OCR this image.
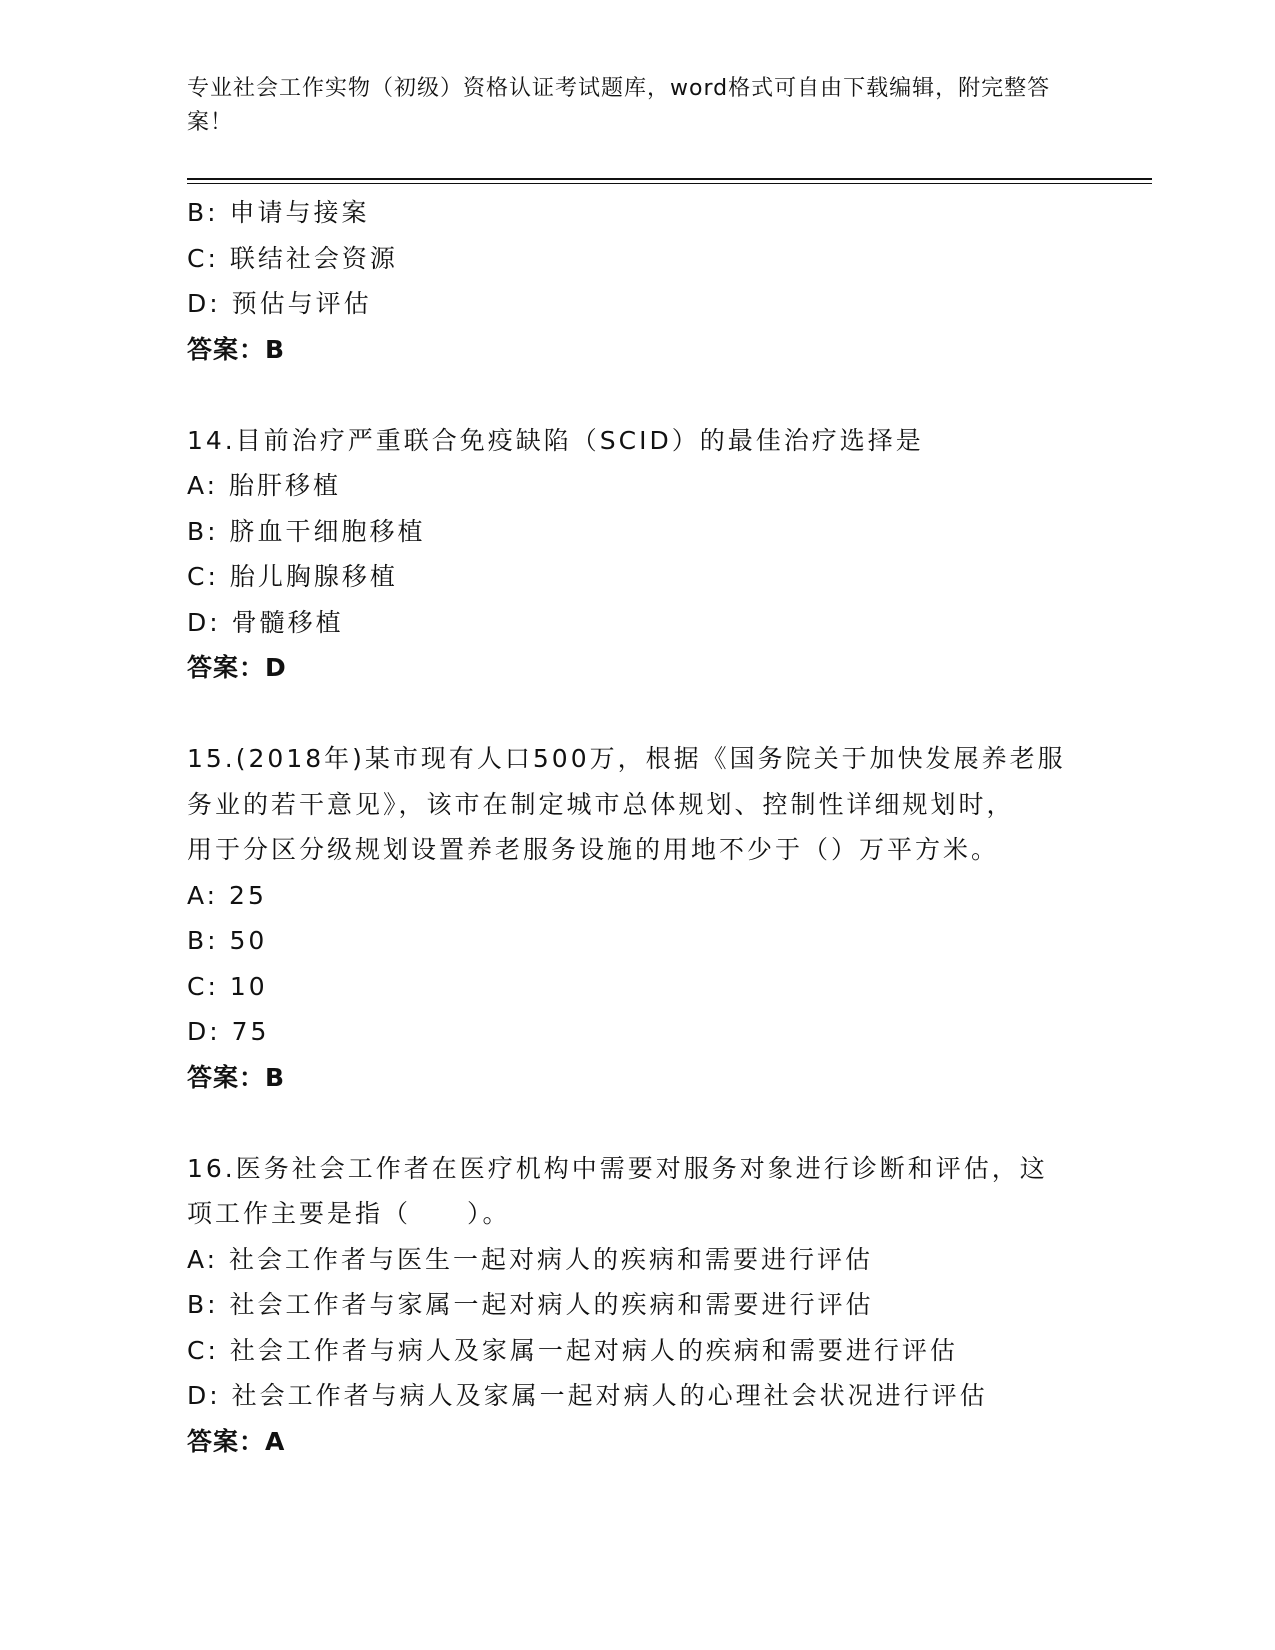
专业社会工作实物（初级）资格认证考试题库，word格式可自由下载编辑，附完整答案！
B: 申请与接案
C: 联结社会资源
D: 预估与评估
答案：B
14.目前治疗严重联合免疫缺陷（SCID）的最佳治疗选择是
A: 胎肝移植
B: 脐血干细胞移植
C: 胎儿胸腺移植
D: 骨髓移植
答案：D
15.(2018年)某市现有人口500万，根据《国务院关于加快发展养老服
务业的若干意见》，该市在制定城市总体规划、控制性详细规划时，
用于分区分级规划设置养老服务设施的用地不少于（）万平方米。
A: 25
B: 50
C: 10
D: 75
答案：B
16.医务社会工作者在医疗机构中需要对服务对象进行诊断和评估，这
项工作主要是指（　　）。
A: 社会工作者与医生一起对病人的疾病和需要进行评估
B: 社会工作者与家属一起对病人的疾病和需要进行评估
C: 社会工作者与病人及家属一起对病人的疾病和需要进行评估
D: 社会工作者与病人及家属一起对病人的心理社会状况进行评估
答案：A
